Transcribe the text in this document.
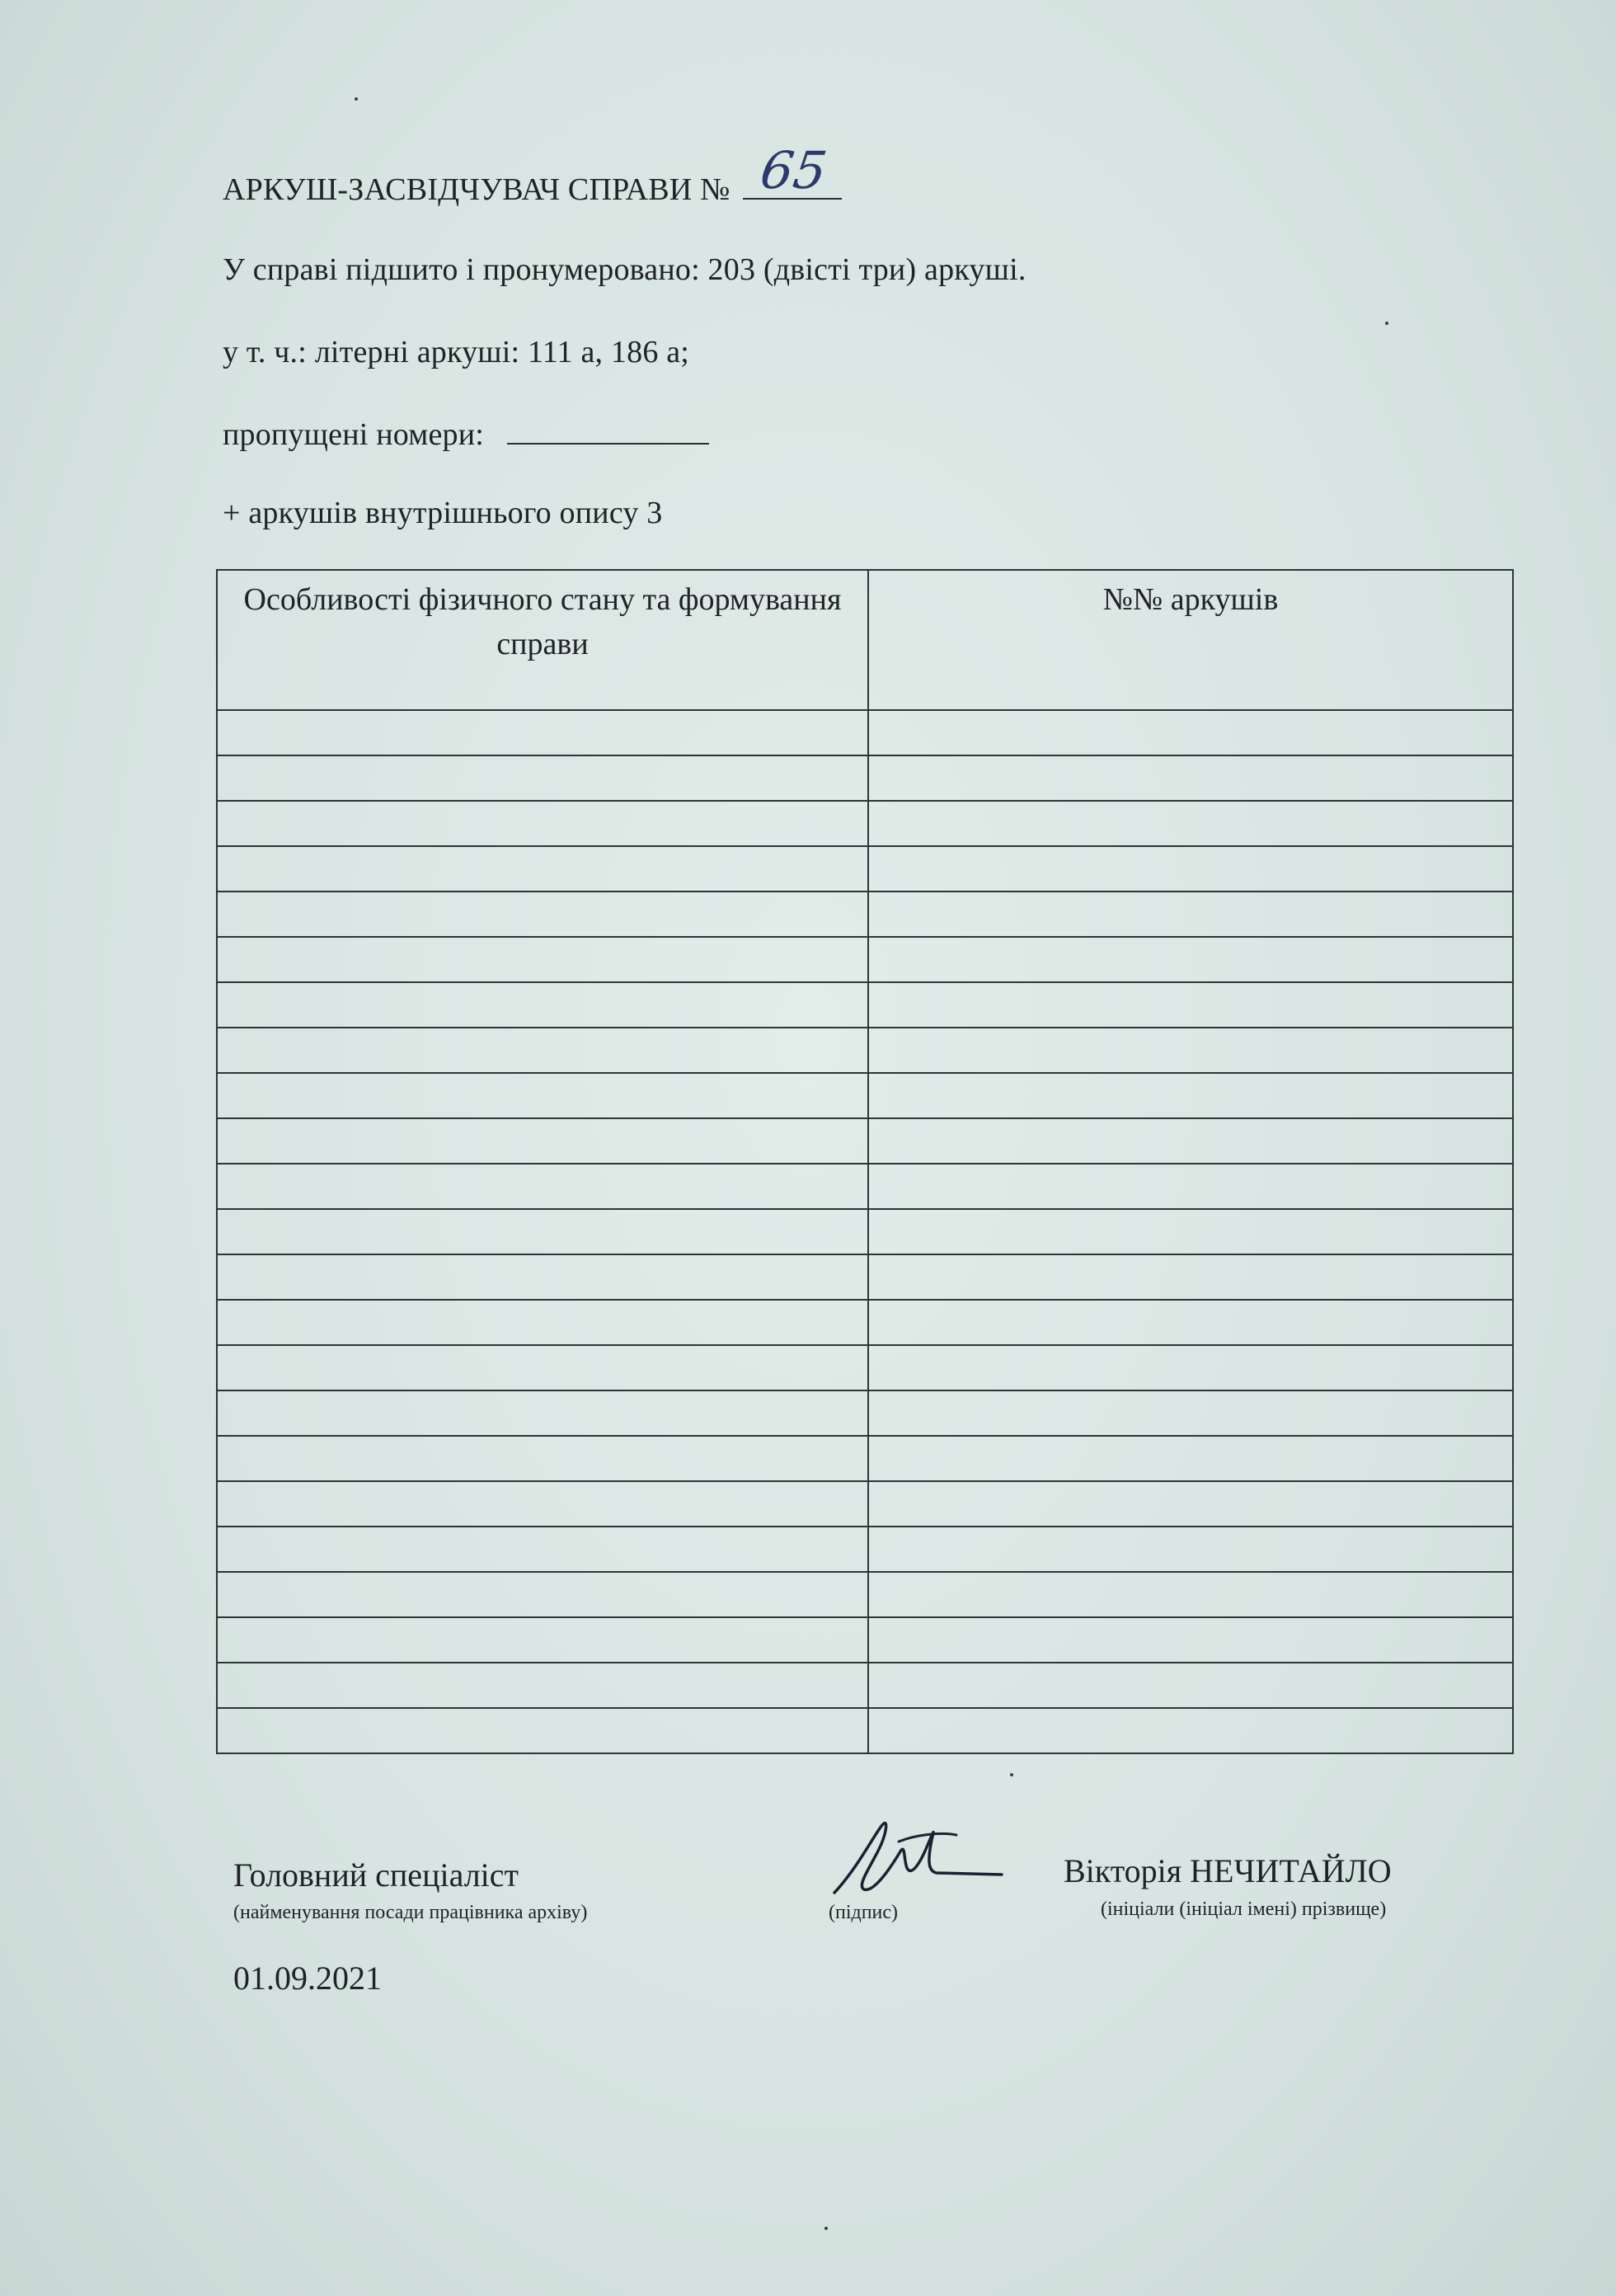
АРКУШ-ЗАСВІДЧУВАЧ СПРАВИ № 65
У справі підшито і пронумеровано: 203 (двісті три) аркуші.
у т. ч.: літерні аркуші: 111 а, 186 а;
пропущені номери:
+ аркушів внутрішнього опису 3
Особливості фізичного стану та формування справи	№№ аркушів

Головний спеціаліст
(найменування посади працівника архіву)	(підпис)
Вікторія НЕЧИТАЙЛО
(ініціали (ініціал імені) прізвище)
01.09.2021
